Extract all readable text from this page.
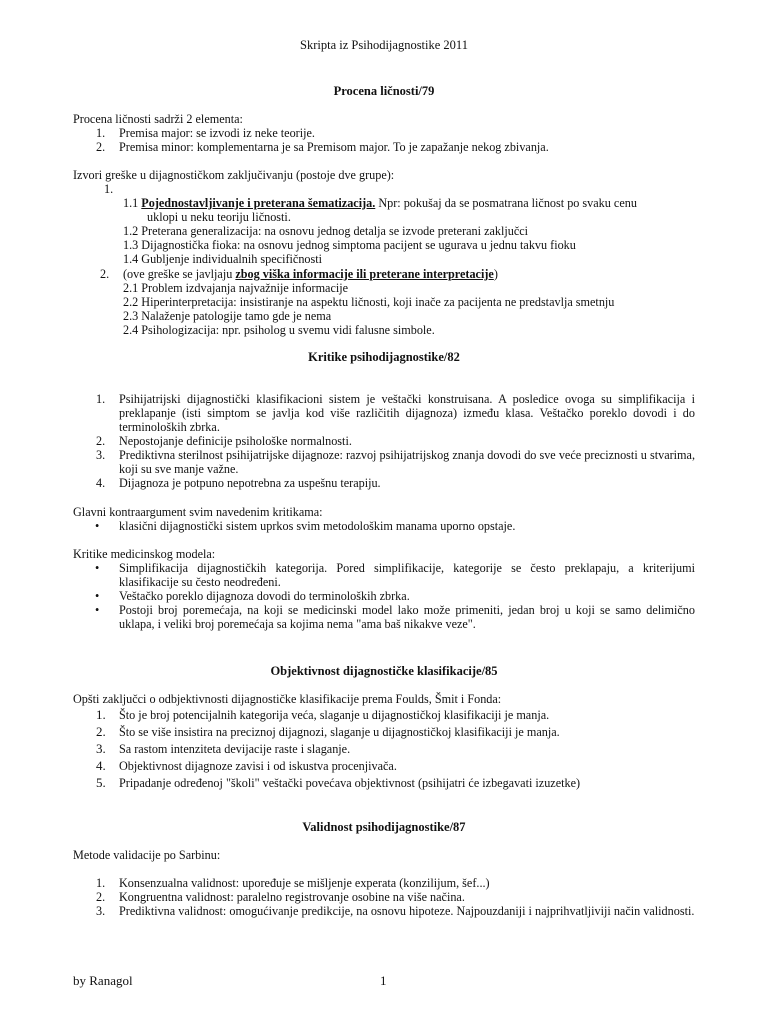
Skripta iz Psihodijagnostike 2011
Procena ličnosti/79
Procena ličnosti sadrži 2 elementa:
1. Premisa major: se izvodi iz neke teorije.
2. Premisa minor: komplementarna je sa Premisom major. To je zapažanje nekog zbivanja.
Izvori greške u dijagnostičkom zaključivanju (postoje dve grupe):
1.
1.1 Pojednostavljivanje i preterana šematizacija. Npr: pokušaj da se posmatrana ličnost po svaku cenu
uklopi u neku teoriju ličnosti.
1.2 Preterana generalizacija: na osnovu jednog detalja se izvode preterani zaključci
1.3 Dijagnostička fioka: na osnovu jednog simptoma pacijent se ugurava u jednu takvu fioku
1.4 Gubljenje individualnih specifičnosti
2. (ove greške se javljaju zbog viška informacije ili preterane interpretacije)
2.1 Problem izdvajanja najvažnije informacije
2.2 Hiperinterpretacija: insistiranje na aspektu ličnosti, koji inače za pacijenta ne predstavlja smetnju
2.3 Nalaženje patologije tamo gde je nema
2.4 Psihologizacija: npr. psiholog u svemu vidi falusne simbole.
Kritike psihodijagnostike/82
1. Psihijatrijski dijagnostički klasifikacioni sistem je veštački konstruisana. A posledice ovoga su simplifikacija i preklapanje (isti simptom se javlja kod više različitih dijagnoza) između klasa. Veštačko poreklo dovodi i do terminoloških zbrka.
2. Nepostojanje definicije psihološke normalnosti.
3. Prediktivna sterilnost psihijatrijske dijagnoze: razvoj psihijatrijskog znanja dovodi do sve veće preciznosti u stvarima, koji su sve manje važne.
4. Dijagnoza je potpuno nepotrebna za uspešnu terapiju.
Glavni kontraargument svim navedenim kritikama:
• klasični dijagnostički sistem uprkos svim metodološkim manama uporno opstaje.
Kritike medicinskog modela:
• Simplifikacija dijagnostičkih kategorija. Pored simplifikacije, kategorije se često preklapaju, a kriterijumi klasifikacije su često neodređeni.
• Veštačko poreklo dijagnoza dovodi do terminoloških zbrka.
• Postoji broj poremećaja, na koji se medicinski model lako može primeniti, jedan broj u koji se samo delimično uklapa, i veliki broj poremećaja sa kojima nema "ama baš nikakve veze".
Objektivnost dijagnostičke klasifikacije/85
Opšti zaključci o odbjektivnosti dijagnostičke klasifikacije prema Foulds, Šmit i Fonda:
1. Što je broj potencijalnih kategorija veća, slaganje u dijagnostičkoj klasifikaciji je manja.
2. Što se više insistira na preciznoj dijagnozi, slaganje u dijagnostičkoj klasifikaciji je manja.
3. Sa rastom intenziteta devijacije raste i slaganje.
4. Objektivnost dijagnoze zavisi i od iskustva procenjivača.
5. Pripadanje određenoj "školi" veštački povećava objektivnost (psihijatri će izbegavati izuzetke)
Validnost psihodijagnostike/87
Metode validacije po Sarbinu:
1. Konsenzualna validnost: upoređuje se mišljenje experata (konzilijum, šef...)
2. Kongruentna validnost: paralelno registrovanje osobine na više načina.
3. Prediktivna validnost: omogućivanje predikcije, na osnovu hipoteze. Najpouzdaniji i najprihvatljiviji način validnosti.
by Ranagol	1
